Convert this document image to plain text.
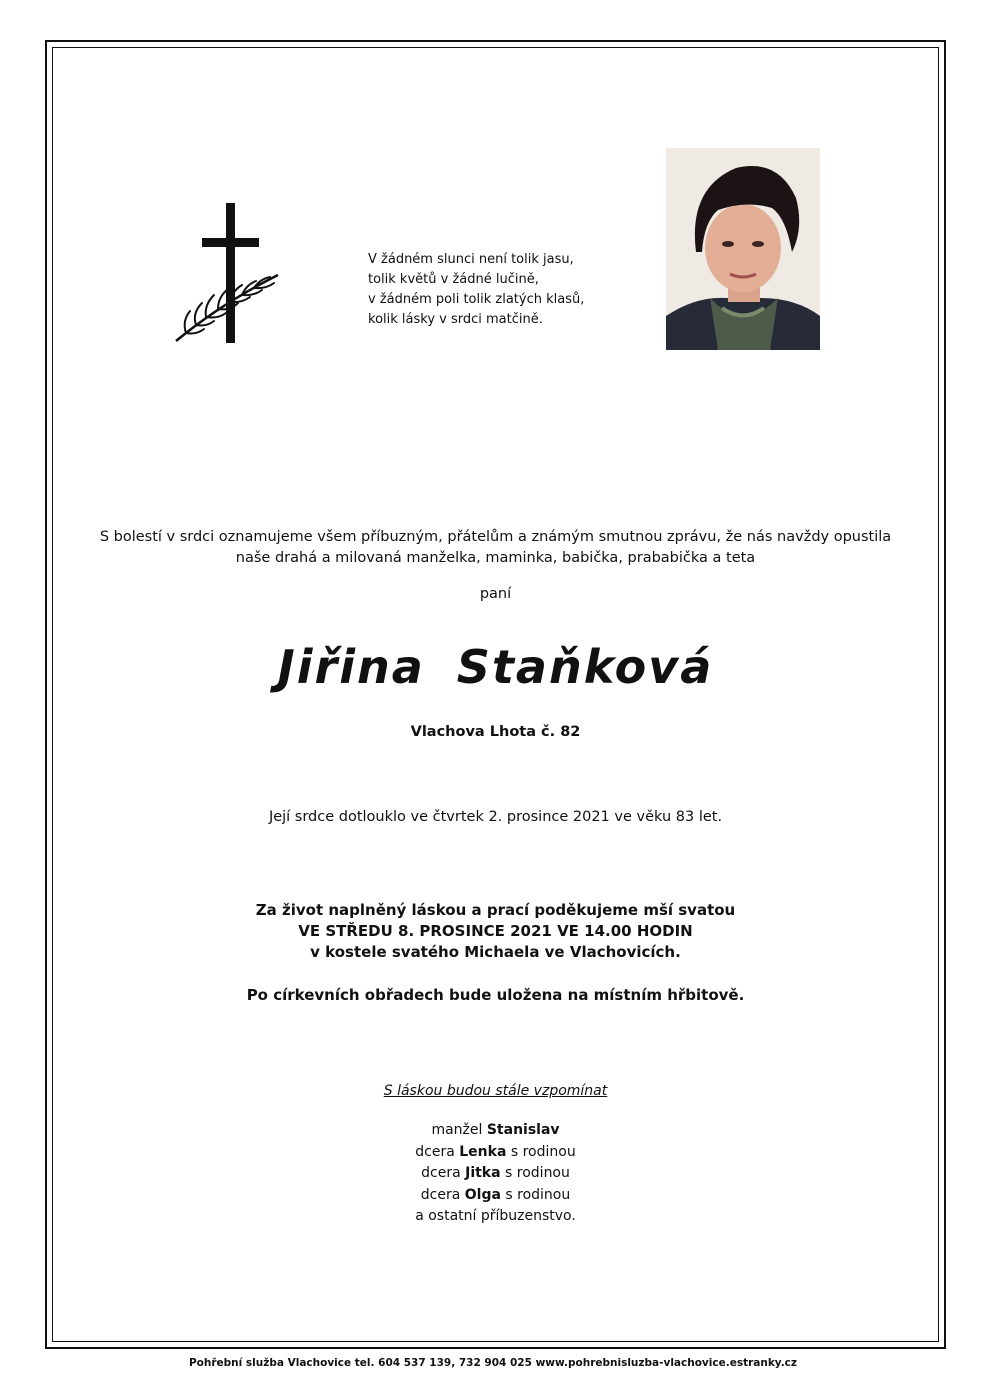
V žádném slunci není tolik jasu,
tolik květů v žádné lučině,
v žádném poli tolik zlatých klasů,
kolik lásky v srdci matčině.
S bolestí v srdci oznamujeme všem příbuzným, přátelům a známým smutnou zprávu, že nás navždy opustila
naše drahá a milovaná manželka, maminka, babička, prababička a teta
paní
Jiřina Staňková
Vlachova Lhota č. 82
Její srdce dotlouklo ve čtvrtek 2. prosince 2021 ve věku 83 let.
Za život naplněný láskou a prací poděkujeme mší svatou
VE STŘEDU 8. PROSINCE 2021 VE 14.00 HODIN
v kostele svatého Michaela ve Vlachovicích.
Po církevních obřadech bude uložena na místním hřbitově.
S láskou budou stále vzpomínat
manžel Stanislav
dcera Lenka s rodinou
dcera Jitka s rodinou
dcera Olga s rodinou
a ostatní příbuzenstvo.
Pohřební služba Vlachovice tel. 604 537 139, 732 904 025 www.pohrebnisluzba-vlachovice.estranky.cz
